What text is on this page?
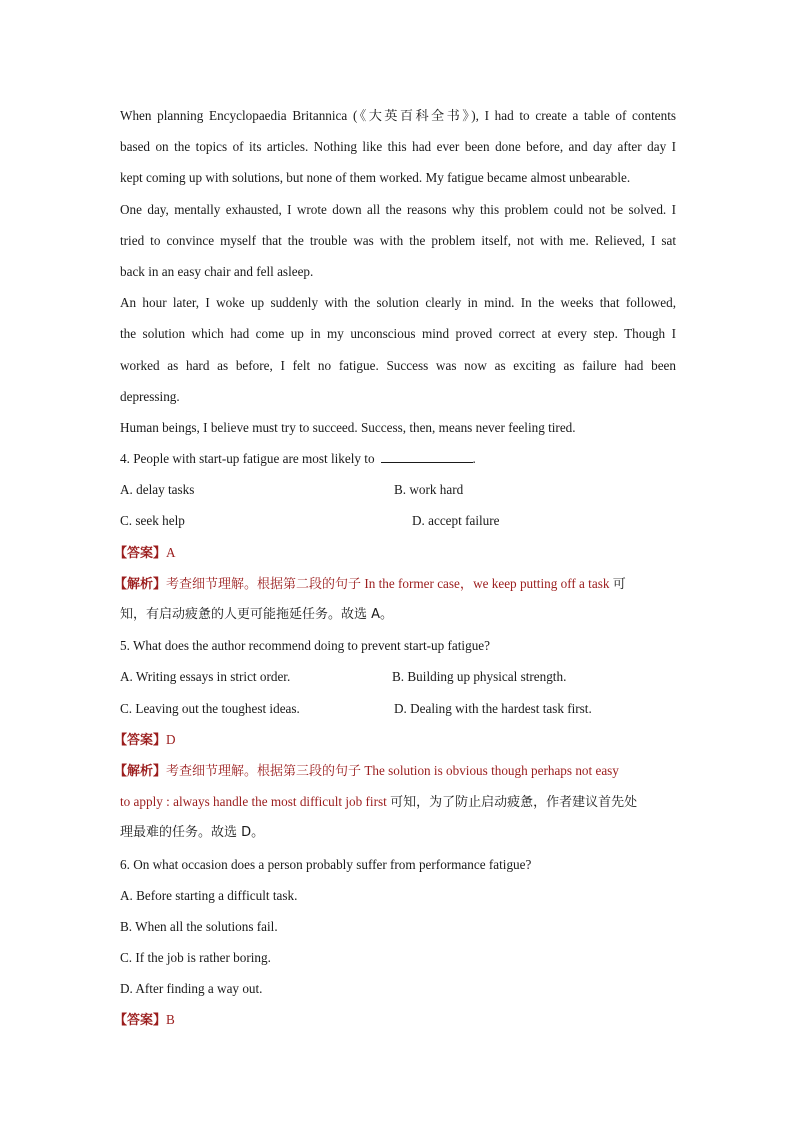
When planning Encyclopaedia Britannica (《大英百科全书》), I had to create a table of contents
based on the topics of its articles. Nothing like this had ever been done before, and day after day I
kept coming up with solutions, but none of them worked. My fatigue became almost unbearable.
One day, mentally exhausted, I wrote down all the reasons why this problem could not be solved. I
tried to convince myself that the trouble was with the problem itself, not with me. Relieved, I sat
back in an easy chair and fell asleep.
An hour later, I woke up suddenly with the solution clearly in mind. In the weeks that followed,
the solution which had come up in my unconscious mind proved correct at every step. Though I
worked as hard as before, I felt no fatigue. Success was now as exciting as failure had been
depressing.
Human beings, I believe must try to succeed. Success, then, means never feeling tired.
4. People with start-up fatigue are most likely to	.
A. delay tasks	B. work hard
C. seek help	D. accept failure
【答案】A
【解析】考查细节理解。根据第二段的句子 In the former case，we keep putting off a task 可
知，有启动疲惫的人更可能拖延任务。故选 A。
5. What does the author recommend doing to prevent start-up fatigue?
A. Writing essays in strict order.	B. Building up physical strength.
C. Leaving out the toughest ideas.	D. Dealing with the hardest task first.
【答案】D
【解析】考查细节理解。根据第三段的句子 The solution is obvious though perhaps not easy
to apply : always handle the most difficult job first 可知，为了防止启动疲惫，作者建议首先处
理最难的任务。故选 D。
6. On what occasion does a person probably suffer from performance fatigue?
A. Before starting a difficult task.
B. When all the solutions fail.
C. If the job is rather boring.
D. After finding a way out.
【答案】B
